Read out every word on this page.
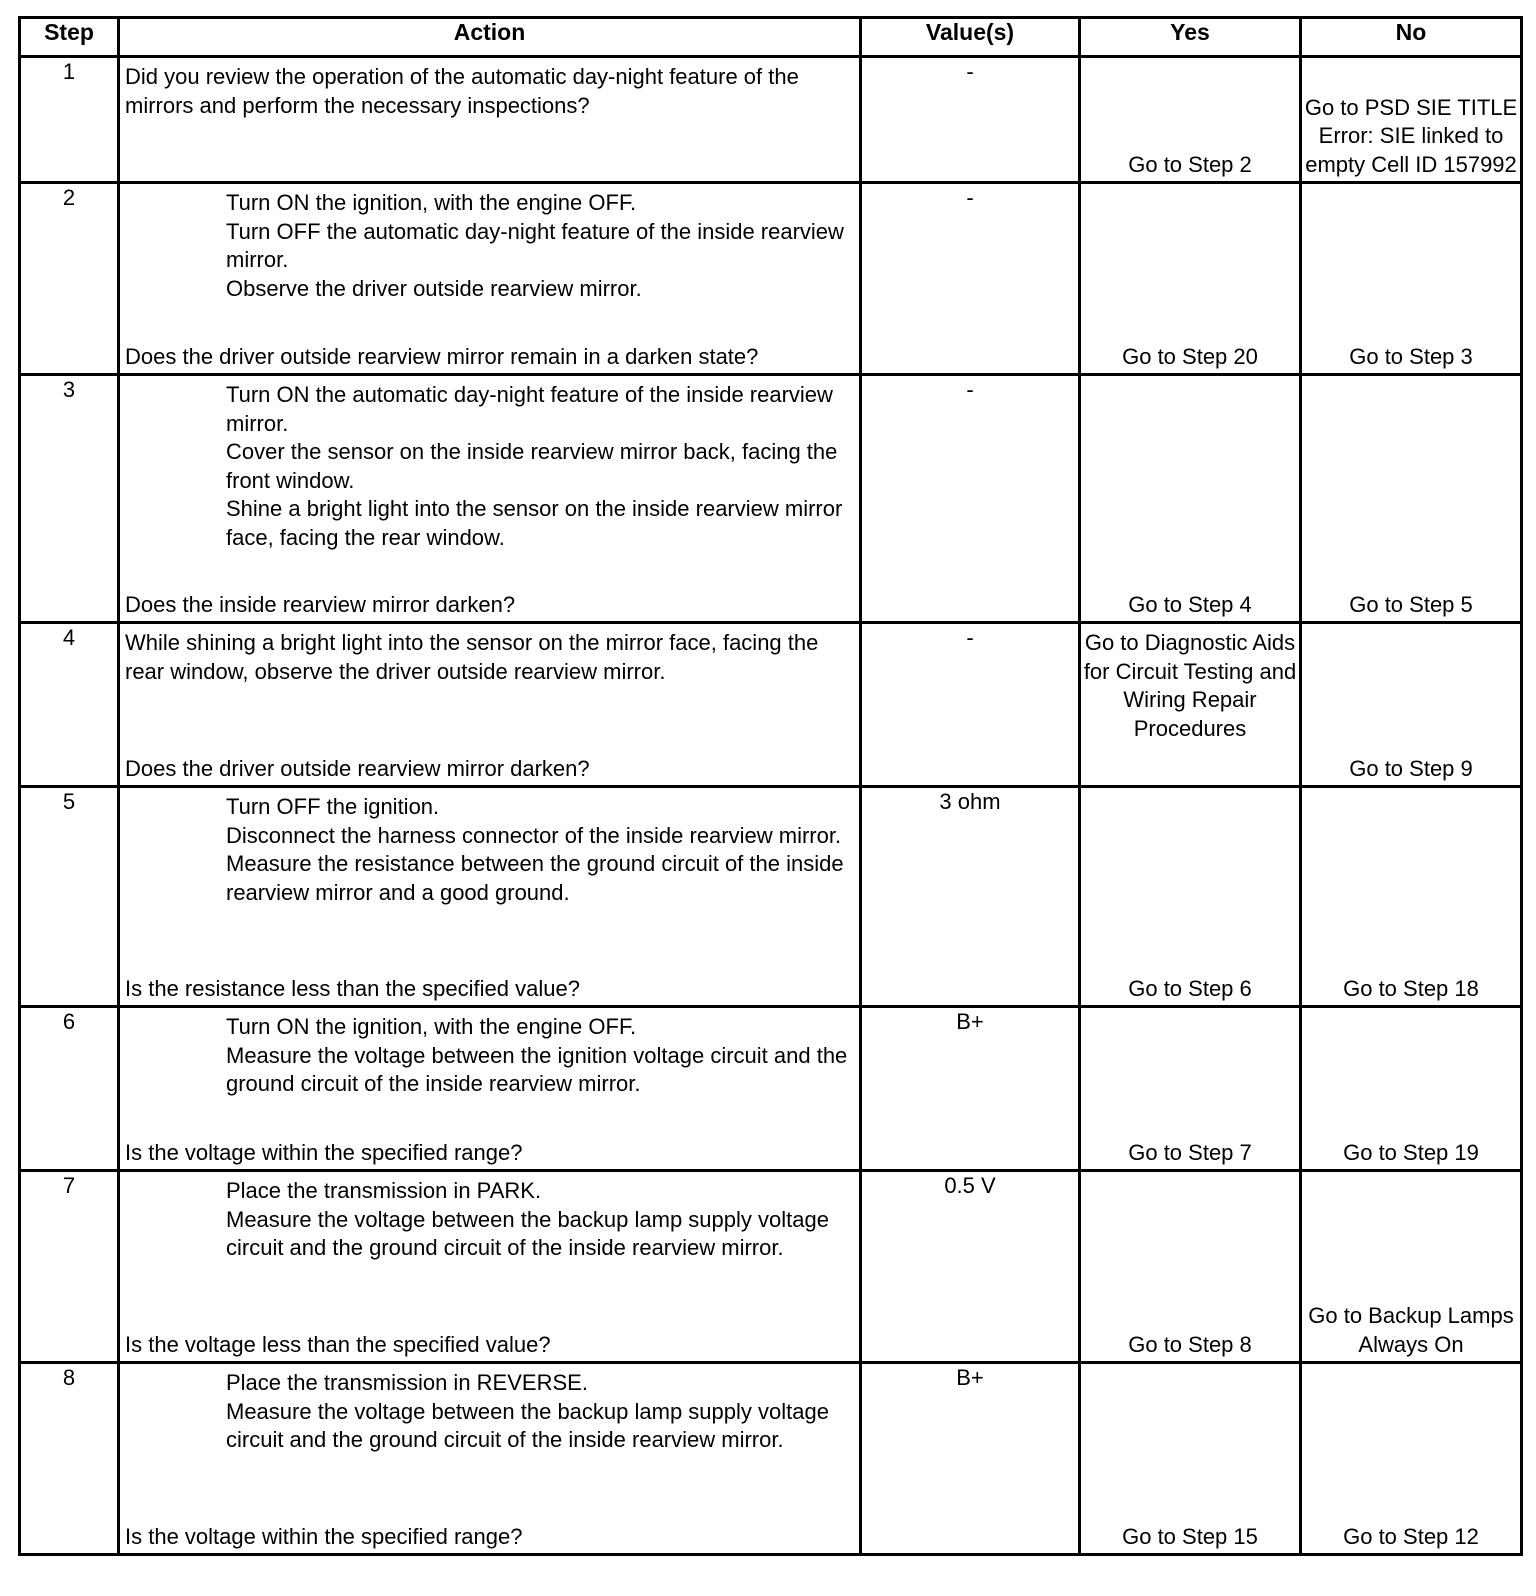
Step	Action	Value(s)	Yes	No
1	Did you review the operation of the automatic day-night feature of the mirrors and perform the necessary inspections?	-	Go to Step 2	Go to PSD SIE TITLE Error: SIE linked to empty Cell ID 157992

2	Turn ON the ignition, with the engine OFF.
Turn OFF the automatic day-night feature of the inside rearview mirror.
Observe the driver outside rearview mirror.
Does the driver outside rearview mirror remain in a darken state?	-	Go to Step 20	Go to Step 3

3	Turn ON the automatic day-night feature of the inside rearview mirror.
Cover the sensor on the inside rearview mirror back, facing the front window.
Shine a bright light into the sensor on the inside rearview mirror face, facing the rear window.
Does the inside rearview mirror darken?	-	Go to Step 4	Go to Step 5

4	While shining a bright light into the sensor on the mirror face, facing the rear window, observe the driver outside rearview mirror.
Does the driver outside rearview mirror darken?	-	Go to Diagnostic Aids for Circuit Testing and Wiring Repair Procedures	Go to Step 9

5	Turn OFF the ignition.
Disconnect the harness connector of the inside rearview mirror.
Measure the resistance between the ground circuit of the inside rearview mirror and a good ground.
Is the resistance less than the specified value?	3 ohm	Go to Step 6	Go to Step 18

6	Turn ON the ignition, with the engine OFF.
Measure the voltage between the ignition voltage circuit and the ground circuit of the inside rearview mirror.
Is the voltage within the specified range?	B+	Go to Step 7	Go to Step 19

7	Place the transmission in PARK.
Measure the voltage between the backup lamp supply voltage circuit and the ground circuit of the inside rearview mirror.
Is the voltage less than the specified value?	0.5 V	Go to Step 8	Go to Backup Lamps Always On

8	Place the transmission in REVERSE.
Measure the voltage between the backup lamp supply voltage circuit and the ground circuit of the inside rearview mirror.
Is the voltage within the specified range?	B+	Go to Step 15	Go to Step 12
